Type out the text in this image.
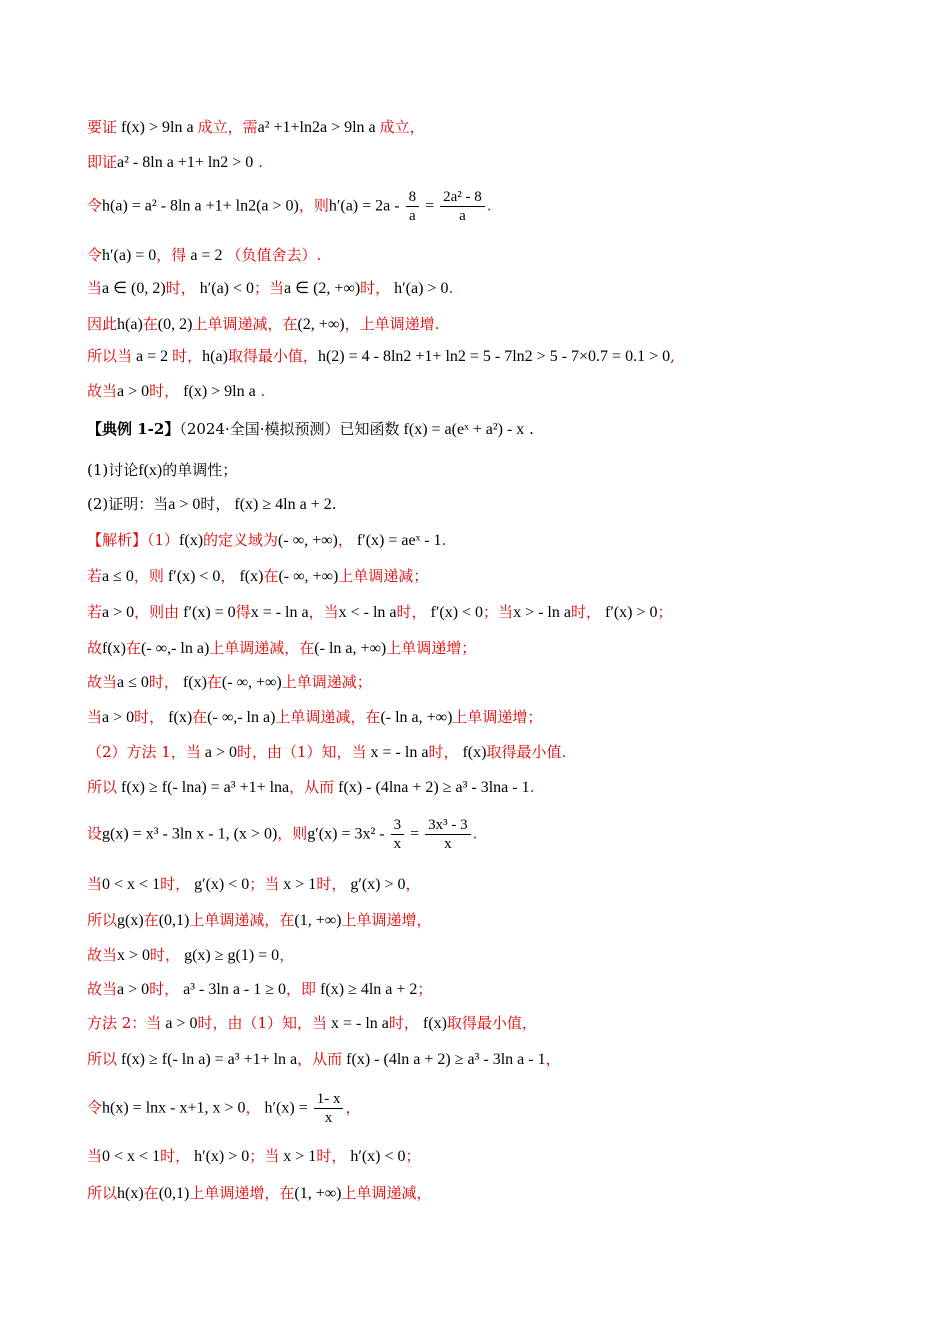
要证 f(x) > 9ln a 成立，需a² +1+ln2a > 9ln a 成立，
即证a² - 8ln a +1+ ln2 > 0 .
令h(a) = a² - 8ln a +1+ ln2(a > 0)，则$h'(a) = 2a - \frac{8}{a} = \frac{\text{2a² - 8}}{a}$ .
令h′(a) = 0，得 a = 2 （负值舍去）.
当a ∈ (0, 2)时， h′(a) < 0；当a ∈ (2, +∞)时， h′(a) > 0.
因此h(a)在(0, 2)上单调递减，在(2, +∞)，上单调递增.
所以当 a = 2 时，h(a)取得最小值，h(2) = 4 - 8ln2 +1+ ln2 = 5 - 7ln2 > 5 - 7×0.7 = 0.1 > 0,
故当a > 0时， f(x) > 9ln a .
【典例 1-2】（2024·全国·模拟预测）已知函数 f(x) = a(eˣ + a²) - x .
(1)讨论f(x)的单调性；
(2)证明：当a > 0时， f(x) ≥ 4ln a + 2.
【解析】（1）f(x)的定义域为(- ∞, +∞)， f′(x) = aeˣ - 1.
若a ≤ 0，则 f′(x) < 0， f(x)在(- ∞, +∞)上单调递减；
若a > 0，则由 f′(x) = 0得x = - ln a，当x < - ln a时， f′(x) < 0；当x > - ln a时， f′(x) > 0；
故f(x)在(- ∞,- ln a)上单调递减，在(- ln a, +∞)上单调递增；
故当a ≤ 0时， f(x)在(- ∞, +∞)上单调递减；
当a > 0时， f(x)在(- ∞,- ln a)上单调递减，在(- ln a, +∞)上单调递增；
（2）方法 1，当 a > 0时，由（1）知，当 x = - ln a时， f(x)取得最小值.
所以 f(x) ≥ f(- lna) = a³ +1+ lna，从而 f(x) - (4lna + 2) ≥ a³ - 3lna - 1.
设g(x) = x³ - 3ln x - 1, (x > 0)，则$g'(x) = 3x^2 - \frac{3}{x} = \frac{\text{3x³ - 3}}{x}$ .
当0 < x < 1时， g′(x) < 0；当 x > 1时， g′(x) > 0，
所以g(x)在(0,1)上单调递减，在(1, +∞)上单调递增，
故当x > 0时， g(x) ≥ g(1) = 0，
故当a > 0时， a³ - 3ln a - 1 ≥ 0，即 f(x) ≥ 4ln a + 2；
方法 2：当 a > 0时，由（1）知，当 x = - ln a时， f(x)取得最小值，
所以 f(x) ≥ f(- ln a) = a³ +1+ ln a，从而 f(x) - (4ln a + 2) ≥ a³ - 3ln a - 1，
令h(x) = lnx - x+1, x > 0， $h'(x) = \frac{1- x}{x}$ ，
当0 < x < 1时， h′(x) > 0；当 x > 1时， h′(x) < 0；
所以h(x)在(0,1)上单调递增，在(1, +∞)上单调递减，
